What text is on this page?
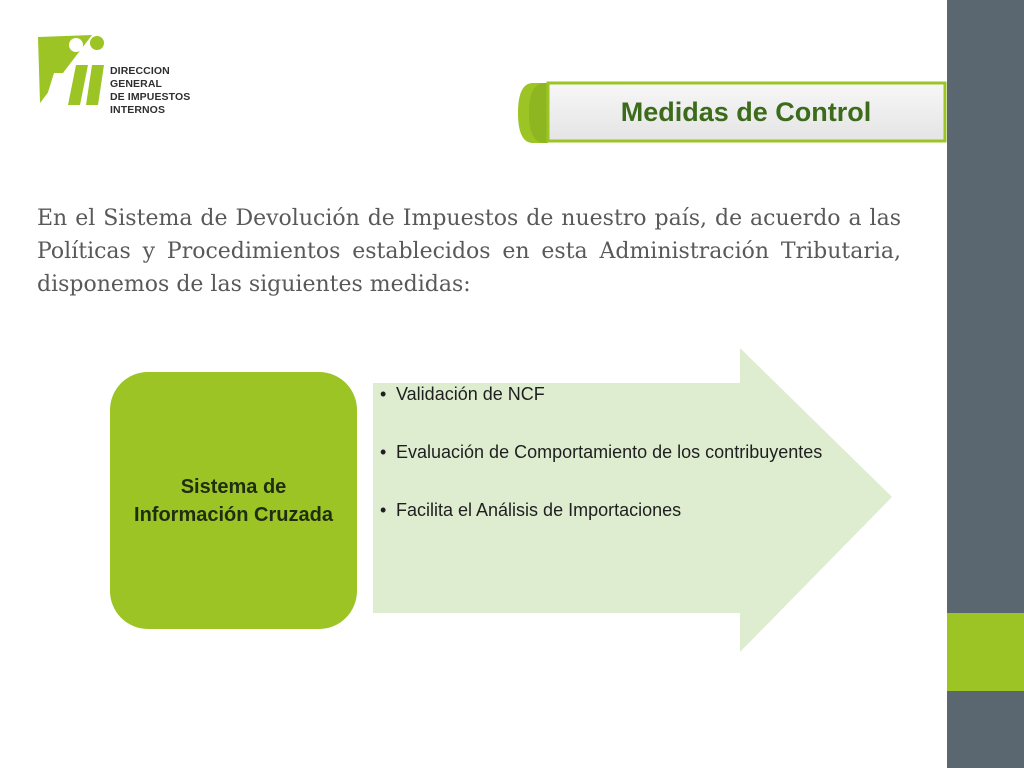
DIRECCION GENERAL
DE IMPUESTOS
INTERNOS	Medidas de Control

En el Sistema de Devolución de Impuestos de nuestro país, de acuerdo a las Políticas y Procedimientos establecidos en esta Administración Tributaria, disponemos de las siguientes medidas:

Sistema de
Información Cruzada
• Validación de NCF
• Evaluación de Comportamiento de los contribuyentes
• Facilita el Análisis de Importaciones
